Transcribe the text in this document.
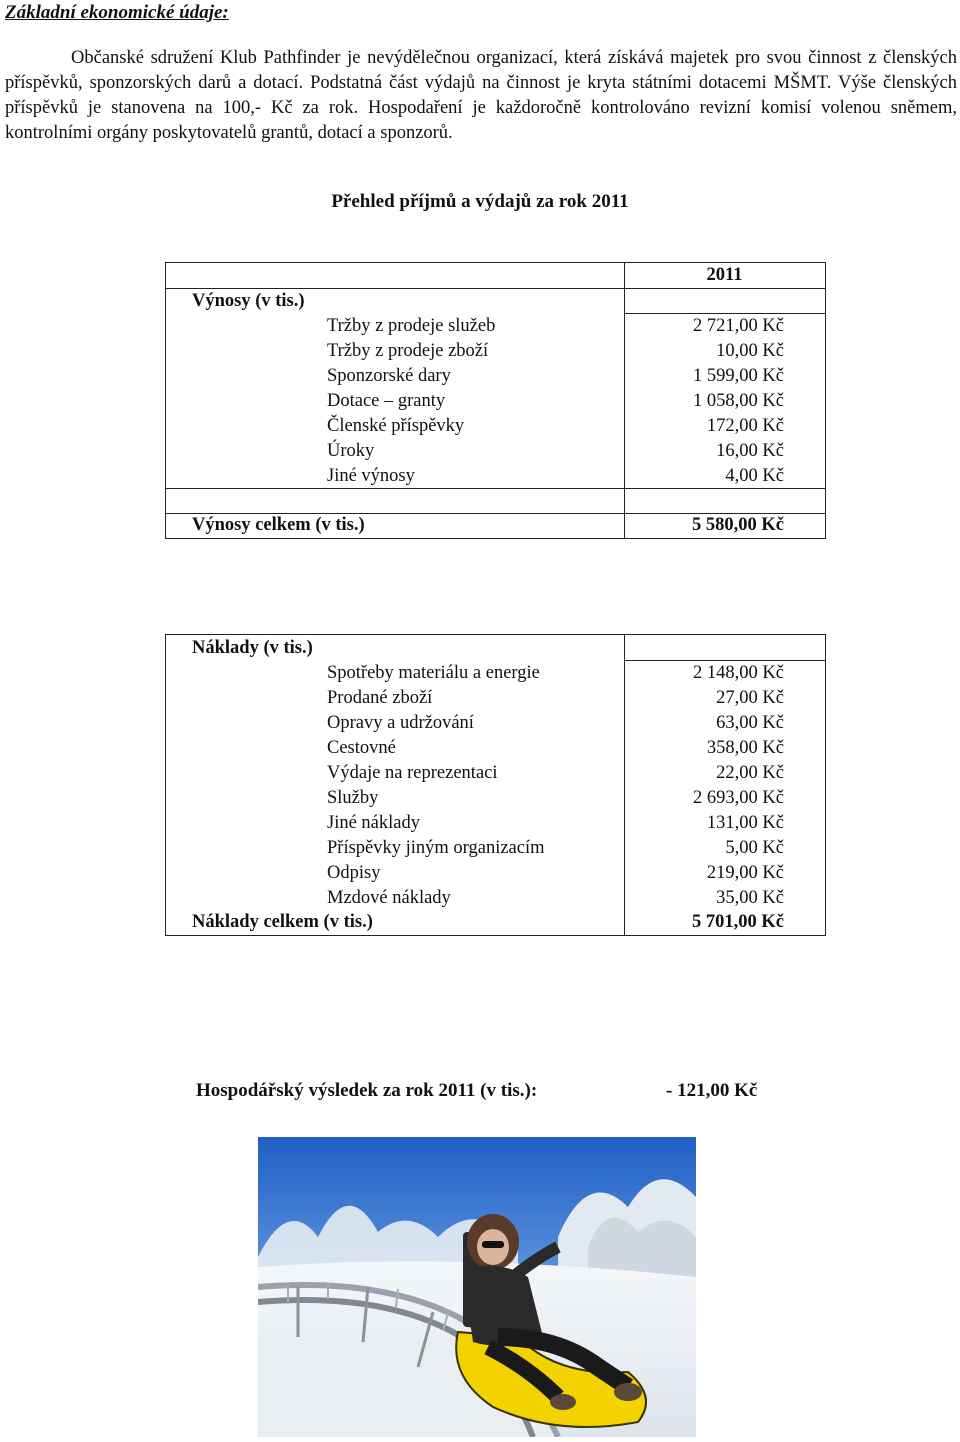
Základní ekonomické údaje:

Občanské sdružení Klub Pathfinder je nevýdělečnou organizací, která získává majetek pro svou činnost z členských příspěvků, sponzorských darů a dotací. Podstatná část výdajů na činnost je kryta státními dotacemi MŠMT. Výše členských příspěvků je stanovena na 100,- Kč za rok. Hospodaření je každoročně kontrolováno revizní komisí volenou sněmem, kontrolními orgány poskytovatelů grantů, dotací a sponzorů.

Přehled příjmů a výdajů za rok 2011
2011
Výnosy (v tis.)
Tržby z prodeje služeb	2 721,00 Kč
Tržby z prodeje zboží	10,00 Kč
Sponzorské dary	1 599,00 Kč
Dotace – granty	1 058,00 Kč
Členské příspěvky	172,00 Kč
Úroky	16,00 Kč
Jiné výnosy	4,00 Kč
Výnosy celkem (v tis.)	5 580,00 Kč
Náklady (v tis.)
Spotřeby materiálu a energie	2 148,00 Kč
Prodané zboží	27,00 Kč
Opravy a udržování	63,00 Kč
Cestovné	358,00 Kč
Výdaje na reprezentaci	22,00 Kč
Služby	2 693,00 Kč
Jiné náklady	131,00 Kč
Příspěvky jiným organizacím	5,00 Kč
Odpisy	219,00 Kč
Mzdové náklady	35,00 Kč
Náklady celkem (v tis.)	5 701,00 Kč
Hospodářský výsledek za rok 2011 (v tis.):	- 121,00 Kč
